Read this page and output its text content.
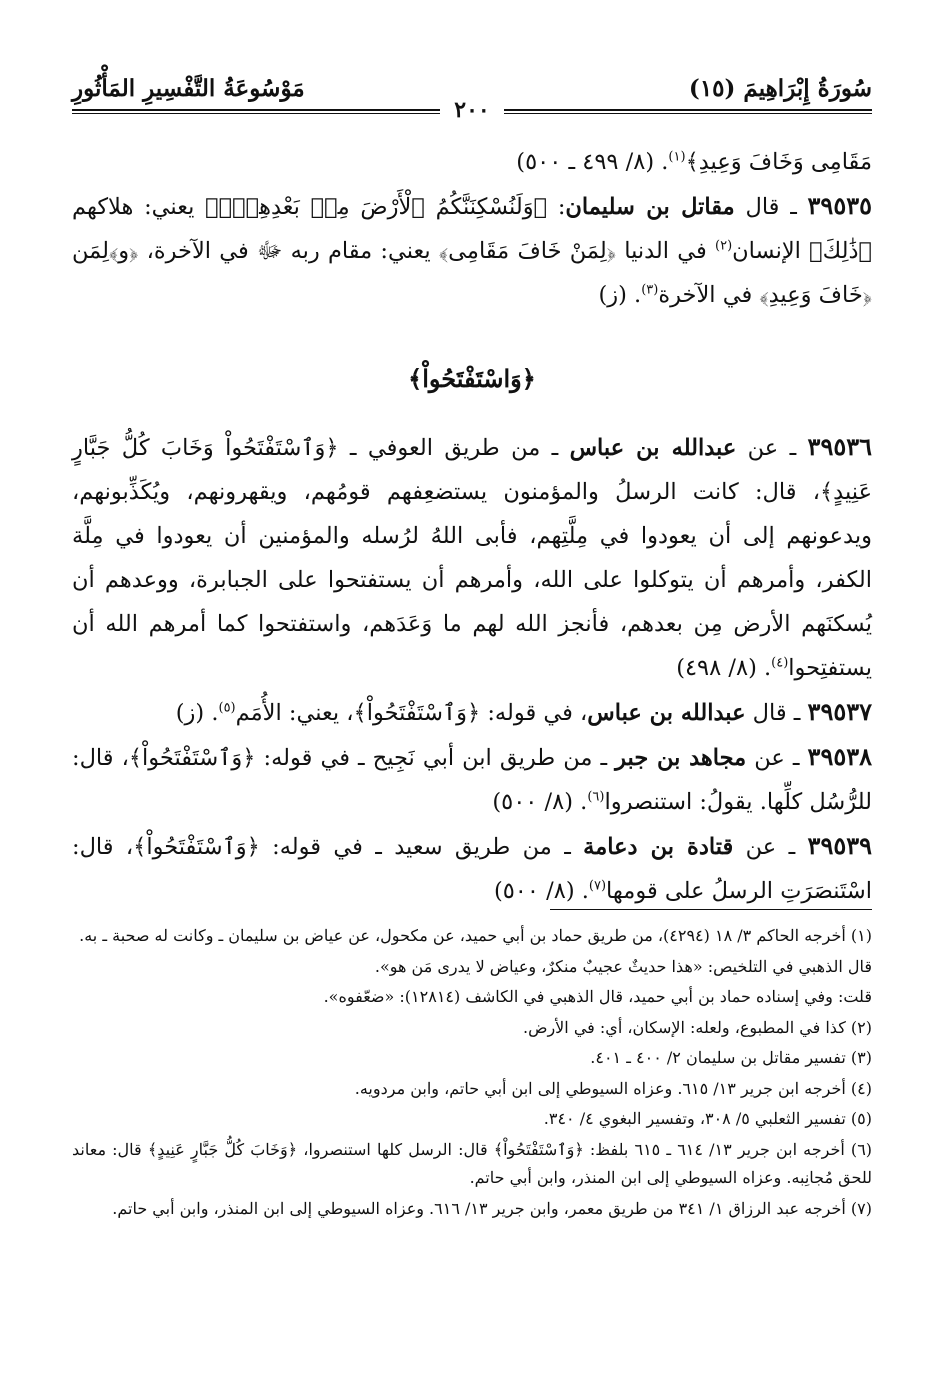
سُورَةُ إِبْرَاهِيمَ (١٥)
مَوْسُوعَةُ التَّفْسِيرِ المَأْثُورِ
٢٠٠

مَقَامِى وَخَافَ وَعِيدِ﴾$^{(١)}$. (٨/ ٤٩٩ ـ ٥٠٠)

٣٩٥٣٥ ـ قال مقاتل بن سليمان: ﴿وَلَنُسْكِنَنَّكُمُ ٱلْأَرْضَ مِنۢ بَعْدِهِمْۚ﴾ يعني: هلاكهم ﴿ذَٰلِكَ﴾ الإنسان$^{(٢)}$ في الدنيا ﴿لِمَنْ خَافَ مَقَامِى﴾ يعني: مقام ربه ﷻ في الآخرة، ﴿و﴾لِمَن ﴿خَافَ وَعِيدِ﴾ في الآخرة$^{(٣)}$. (ز)

﴿وَاسْتَفْتَحُواْ﴾

٣٩٥٣٦ ـ عن عبدالله بن عباس ـ من طريق العوفي ـ ﴿وَٱسْتَفْتَحُواْ وَخَابَ كُلُّ جَبَّارٍ عَنِيدٍ﴾، قال: كانت الرسلُ والمؤمنون يستضعِفهم قومُهم، ويقهرونهم، ويُكَذِّبونهم، ويدعونهم إلى أن يعودوا في مِلَّتِهم، فأبى اللهُ لرُسله والمؤمنين أن يعودوا في مِلَّة الكفر، وأمرهم أن يتوكلوا على الله، وأمرهم أن يستفتحوا على الجبابرة، ووعدهم أن يُسكنَهم الأرض مِن بعدهم، فأنجز الله لهم ما وَعَدَهم، واستفتحوا كما أمرهم الله أن يستفتِحوا$^{(٤)}$. (٨/ ٤٩٨)

٣٩٥٣٧ ـ قال عبدالله بن عباس، في قوله: ﴿وَٱسْتَفْتَحُواْ﴾، يعني: الأُمَم$^{(٥)}$. (ز)

٣٩٥٣٨ ـ عن مجاهد بن جبر ـ من طريق ابن أبي نَجِيح ـ في قوله: ﴿وَٱسْتَفْتَحُواْ﴾، قال: للرُّسُل كلِّها. يقولُ: استنصروا$^{(٦)}$. (٨/ ٥٠٠)

٣٩٥٣٩ ـ عن قتادة بن دعامة ـ من طريق سعيد ـ في قوله: ﴿وَٱسْتَفْتَحُواْ﴾، قال: اسْتَنصَرَتِ الرسلُ على قومها$^{(٧)}$. (٨/ ٥٠٠)

(١) أخرجه الحاكم ٣/ ١٨ (٤٢٩٤)، من طريق حماد بن أبي حميد، عن مكحول، عن عياض بن سليمان ـ وكانت له صحبة ـ به.

قال الذهبي في التلخيص: «هذا حديثٌ عجيبٌ منكرٌ، وعياض لا يدرى مَن هو».

قلت: وفي إسناده حماد بن أبي حميد، قال الذهبي في الكاشف (١٢٨١٤): «ضعّفوه».

(٢) كذا في المطبوع، ولعله: الإسكان، أي: في الأرض.

(٣) تفسير مقاتل بن سليمان ٢/ ٤٠٠ ـ ٤٠١.

(٤) أخرجه ابن جرير ١٣/ ٦١٥. وعزاه السيوطي إلى ابن أبي حاتم، وابن مردويه.

(٥) تفسير الثعلبي ٥/ ٣٠٨، وتفسير البغوي ٤/ ٣٤٠.

(٦) أخرجه ابن جرير ١٣/ ٦١٤ ـ ٦١٥ بلفظ: ﴿وَٱسْتَفْتَحُواْ﴾ قال: الرسل كلها استنصروا، ﴿وَخَابَ كُلُّ جَبَّارٍ عَنِيدٍ﴾ قال: معاند للحق مُجانِبه. وعزاه السيوطي إلى ابن المنذر، وابن أبي حاتم.

(٧) أخرجه عبد الرزاق ١/ ٣٤١ من طريق معمر، وابن جرير ١٣/ ٦١٦. وعزاه السيوطي إلى ابن المنذر، وابن أبي حاتم.
